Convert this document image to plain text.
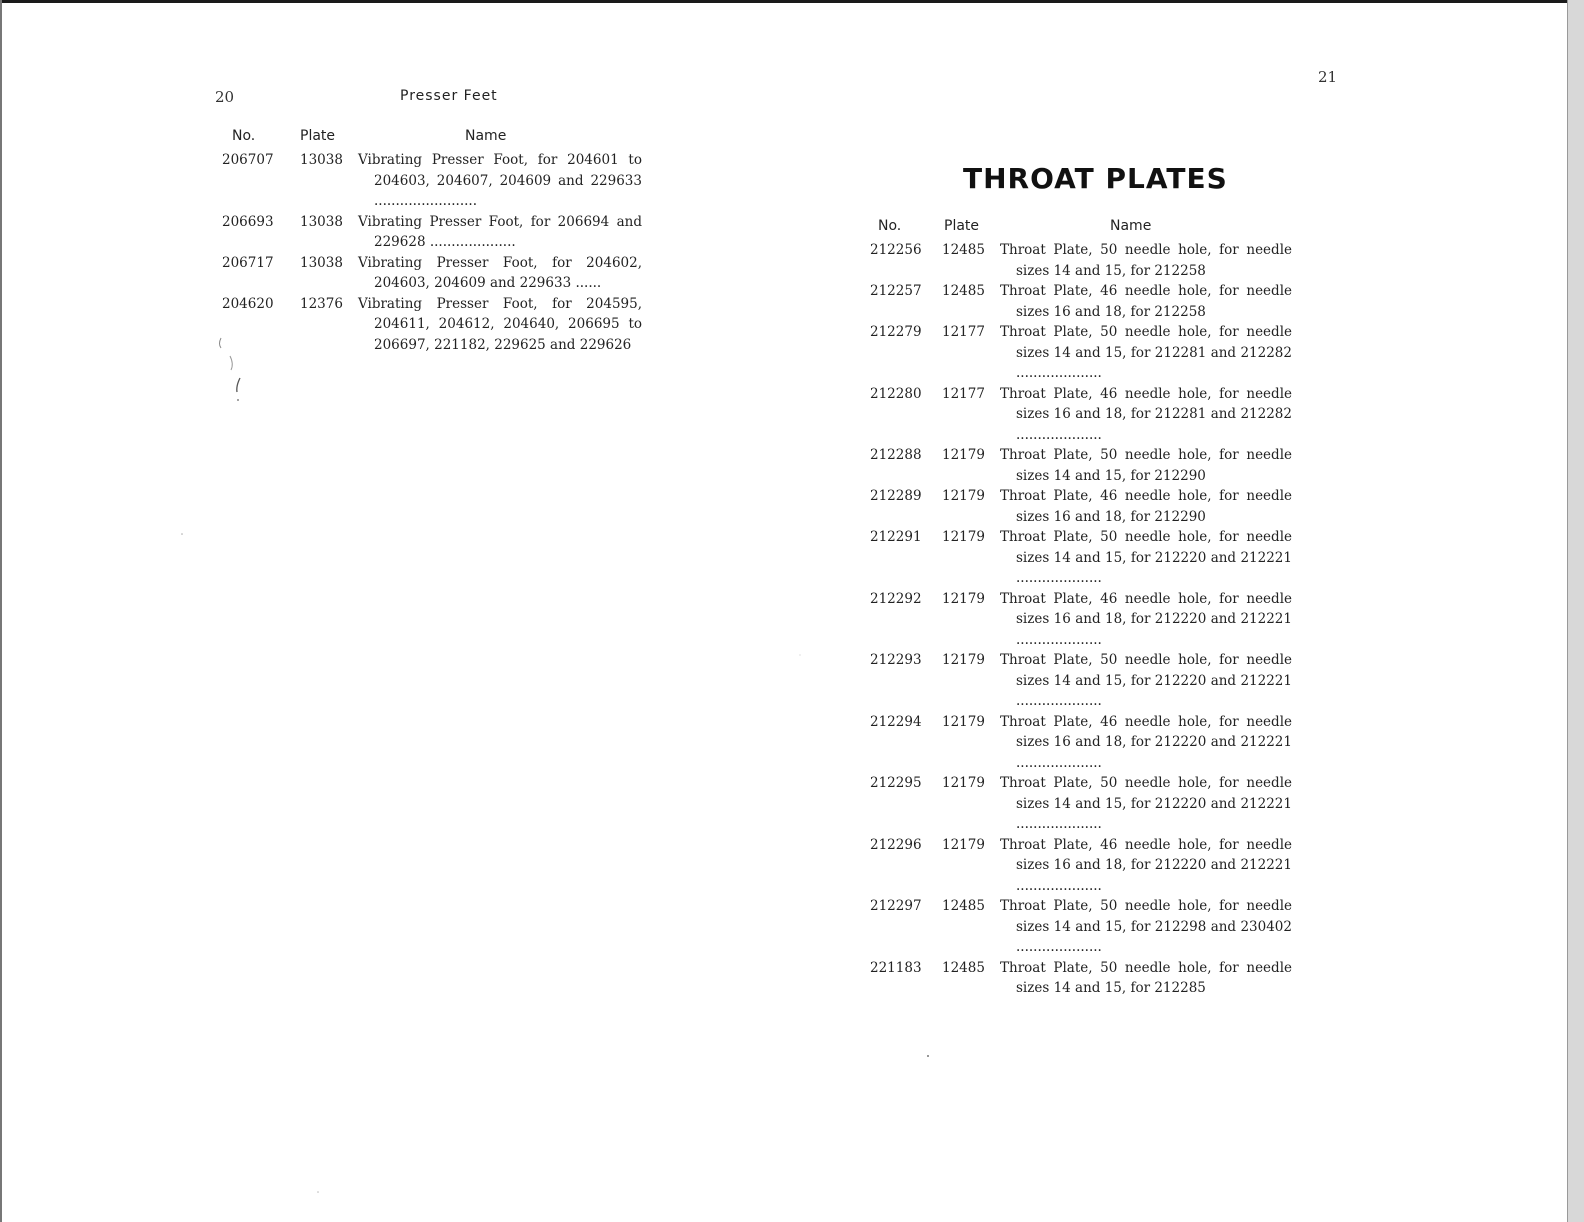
20	Presser Feet
No.	Plate	Name
206707	13038	Vibrating Presser Foot, for 204601 to 204603, 204607, 204609 and 229633 ........................
206693	13038	Vibrating Presser Foot, for 206694 and 229628 ....................
206717	13038	Vibrating Presser Foot, for 204602, 204603, 204609 and 229633 ......
204620	12376	Vibrating Presser Foot, for 204595, 204611, 204612, 204640, 206695 to 206697, 221182, 229625 and 229626
21
THROAT PLATES
No.	Plate	Name
212256	12485	Throat Plate, 50 needle hole, for needle sizes 14 and 15, for 212258
212257	12485	Throat Plate, 46 needle hole, for needle sizes 16 and 18, for 212258
212279	12177	Throat Plate, 50 needle hole, for needle sizes 14 and 15, for 212281 and 212282 ....................
212280	12177	Throat Plate, 46 needle hole, for needle sizes 16 and 18, for 212281 and 212282 ....................
212288	12179	Throat Plate, 50 needle hole, for needle sizes 14 and 15, for 212290
212289	12179	Throat Plate, 46 needle hole, for needle sizes 16 and 18, for 212290
212291	12179	Throat Plate, 50 needle hole, for needle sizes 14 and 15, for 212220 and 212221 ....................
212292	12179	Throat Plate, 46 needle hole, for needle sizes 16 and 18, for 212220 and 212221 ....................
212293	12179	Throat Plate, 50 needle hole, for needle sizes 14 and 15, for 212220 and 212221 ....................
212294	12179	Throat Plate, 46 needle hole, for needle sizes 16 and 18, for 212220 and 212221 ....................
212295	12179	Throat Plate, 50 needle hole, for needle sizes 14 and 15, for 212220 and 212221 ....................
212296	12179	Throat Plate, 46 needle hole, for needle sizes 16 and 18, for 212220 and 212221 ....................
212297	12485	Throat Plate, 50 needle hole, for needle sizes 14 and 15, for 212298 and 230402 ....................
221183	12485	Throat Plate, 50 needle hole, for needle sizes 14 and 15, for 212285
